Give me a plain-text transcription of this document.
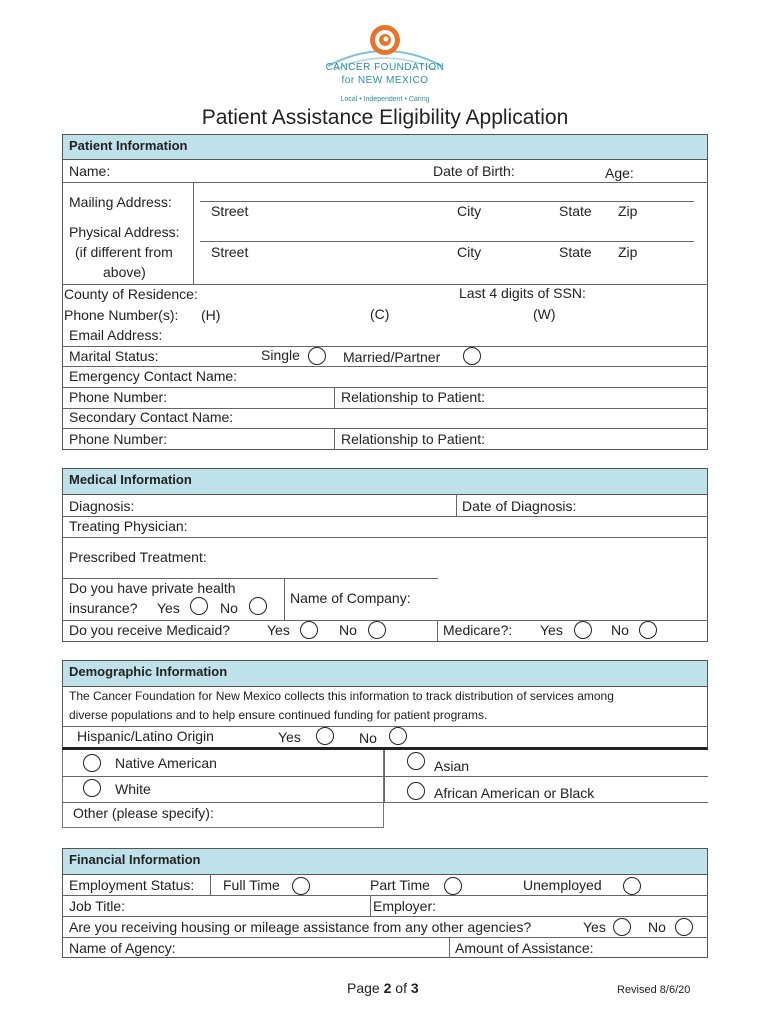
CANCER FOUNDATION
for NEW MEXICO
Local • Independent • Caring
Patient Assistance Eligibility Application
Patient Information
Name:	Date of Birth:	Age:
Mailing Address:
Street	City	State Zip
Physical Address:
(if different from
above)
Street	City	State Zip
County of Residence:	Last 4 digits of SSN:
Phone Number(s): (H)	(C)	(W)
Email Address:
Marital Status:	Single	Married/Partner
Emergency Contact Name:
Phone Number:	Relationship to Patient:
Secondary Contact Name:
Phone Number:	Relationship to Patient:
Medical Information
Diagnosis:	Date of Diagnosis:
Treating Physician:
Prescribed Treatment:
Do you have private health
insurance? Yes	No
Name of Company:
Do you receive Medicaid?	Yes	No	Medicare?: Yes	No
Demographic Information
The Cancer Foundation for New Mexico collects this information to track distribution of services among
diverse populations and to help ensure continued funding for patient programs.
Hispanic/Latino Origin	Yes	No
Native American	Asian
White	African American or Black
Other (please specify):
Financial Information
Employment Status: Full Time	Part Time	Unemployed
Job Title:	Employer:
Are you receiving housing or mileage assistance from any other agencies?	Yes	No
Name of Agency:	Amount of Assistance:
Page 2 of 3	Revised 8/6/20
